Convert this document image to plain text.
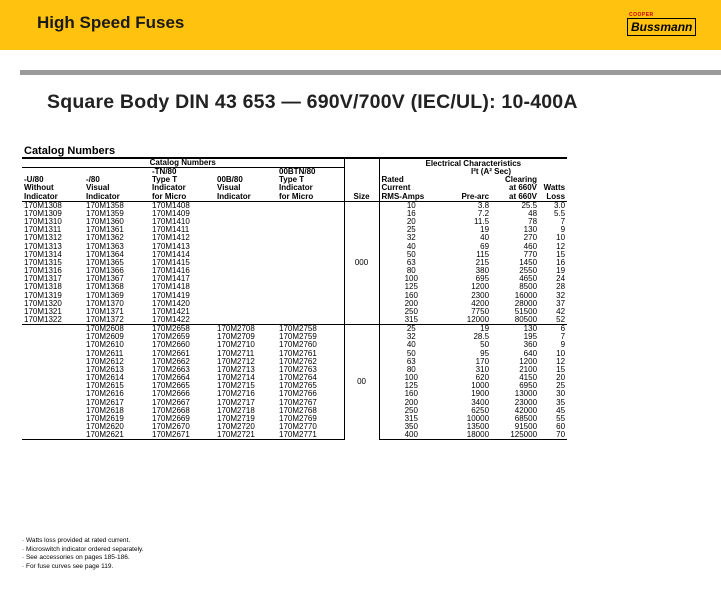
High Speed Fuses	COOPER
Bussmann
Square Body DIN 43 653 — 690V/700V (IEC/UL): 10-400A
Catalog Numbers
Catalog Numbers						Electrical Characteristics			
		-TN/80		00BTN/80			I²t (A² Sec)		
-U/80	-/80	Type T	00B/80	Type T		Rated		Clearing	
Without	Visual	Indicator	Visual	Indicator		Current		at 660V	Watts
Indicator	Indicator	for Micro	Indicator	for Micro	Size	RMS-Amps	Pre-arc	at 660V	Loss
170M1308	170M1358	170M1408			000	10	3.8	25.5	3.0
170M1309	170M1359	170M1409				16	7.2	48	5.5
170M1310	170M1360	170M1410				20	11.5	78	7
170M1311	170M1361	170M1411				25	19	130	9
170M1312	170M1362	170M1412				32	40	270	10
170M1313	170M1363	170M1413				40	69	460	12
170M1314	170M1364	170M1414				50	115	770	15
170M1315	170M1365	170M1415				63	215	1450	16
170M1316	170M1366	170M1416				80	380	2550	19
170M1317	170M1367	170M1417				100	695	4650	24
170M1318	170M1368	170M1418				125	1200	8500	28
170M1319	170M1369	170M1419				160	2300	16000	32
170M1320	170M1370	170M1420				200	4200	28000	37
170M1321	170M1371	170M1421				250	7750	51500	42
170M1322	170M1372	170M1422				315	12000	80500	52
	170M2608	170M2658	170M2708	170M2758	00	25	19	130	6
	170M2609	170M2659	170M2709	170M2759		32	28.5	195	7
	170M2610	170M2660	170M2710	170M2760		40	50	360	9
	170M2611	170M2661	170M2711	170M2761		50	95	640	10
	170M2612	170M2662	170M2712	170M2762		63	170	1200	12
	170M2613	170M2663	170M2713	170M2763		80	310	2100	15
	170M2614	170M2664	170M2714	170M2764		100	620	4150	20
	170M2615	170M2665	170M2715	170M2765		125	1000	6950	25
	170M2616	170M2666	170M2716	170M2766		160	1900	13000	30
	170M2617	170M2667	170M2717	170M2767		200	3400	23000	35
	170M2618	170M2668	170M2718	170M2768		250	6250	42000	45
	170M2619	170M2669	170M2719	170M2769		315	10000	68500	55
	170M2620	170M2670	170M2720	170M2770		350	13500	91500	60
	170M2621	170M2671	170M2721	170M2771		400	18000	125000	70
· Watts loss provided at rated current.
· Microswitch indicator ordered separately.
· See accessories on pages 185-186.
· For fuse curves see page 119.
